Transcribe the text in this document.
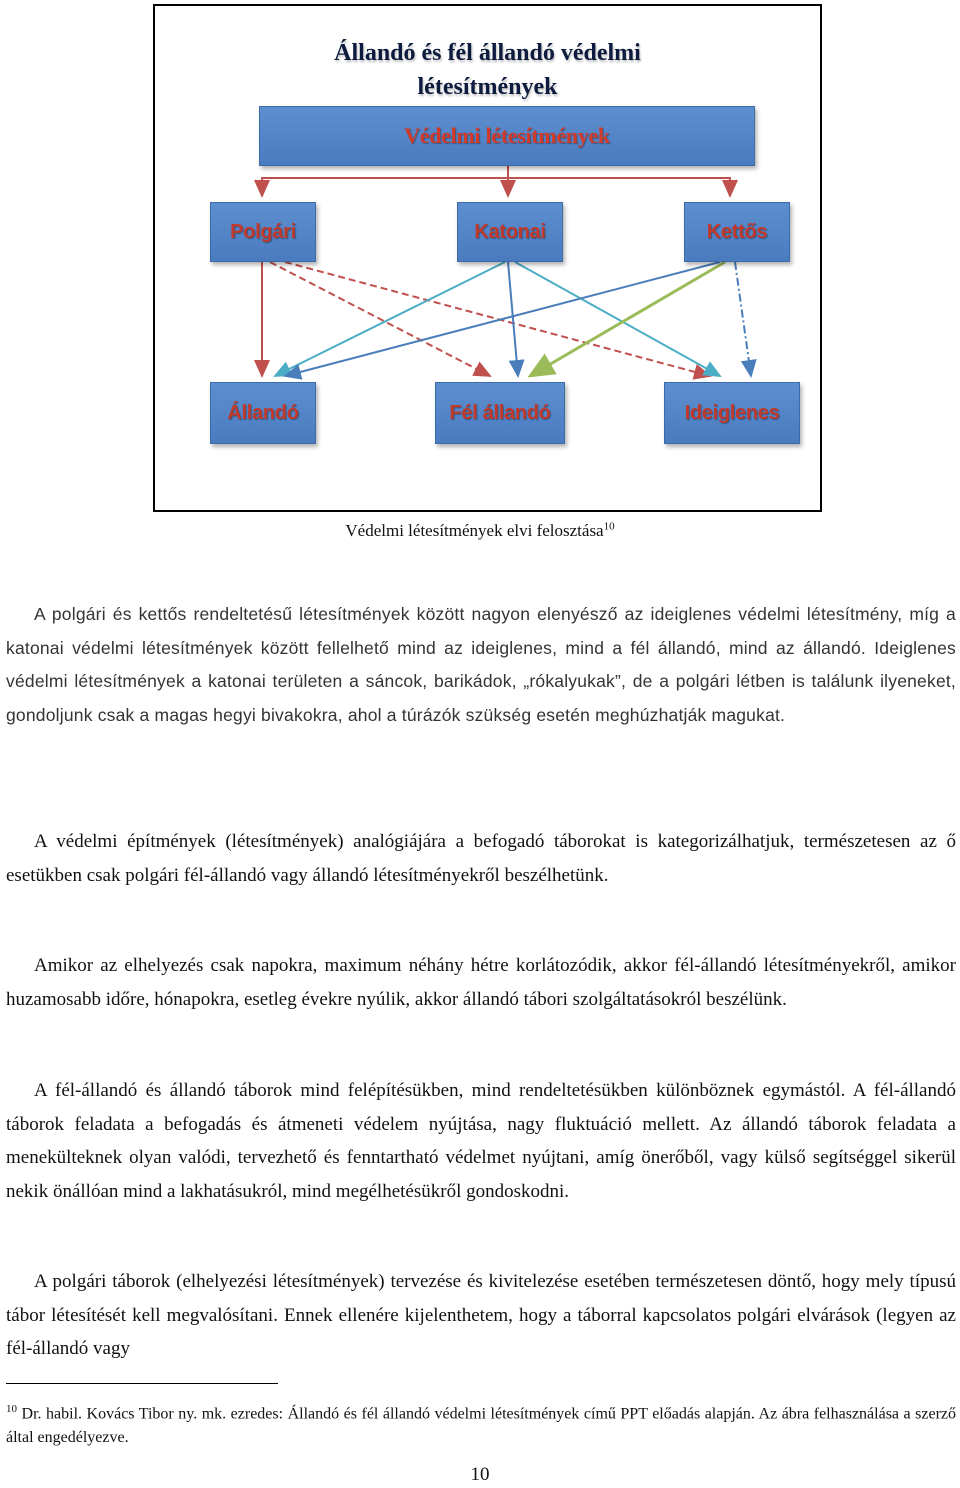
Állandó és fél állandó védelmi
létesítmények
Védelmi létesítmények
Polgári	Katonai	Kettős
Állandó	Fél állandó	Ideiglenes
Védelmi létesítmények elvi felosztása$^{10}$

A polgári és kettős rendeltetésű létesítmények között nagyon elenyésző az ideiglenes védelmi létesítmény, míg a katonai védelmi létesítmények között fellelhető mind az ideiglenes, mind a fél állandó, mind az állandó. Ideiglenes védelmi létesítmények a katonai területen a sáncok, barikádok, „rókalyukak”, de a polgári létben is találunk ilyeneket, gondoljunk csak a magas hegyi bivakokra, ahol a túrázók szükség esetén meghúzhatják magukat.

A védelmi építmények (létesítmények) analógiájára a befogadó táborokat is kategorizálhatjuk, természetesen az ő esetükben csak polgári fél-állandó vagy állandó létesítményekről beszélhetünk.

Amikor az elhelyezés csak napokra, maximum néhány hétre korlátozódik, akkor fél-állandó létesítményekről, amikor huzamosabb időre, hónapokra, esetleg évekre nyúlik, akkor állandó tábori szolgáltatásokról beszélünk.

A fél-állandó és állandó táborok mind felépítésükben, mind rendeltetésükben különböznek egymástól. A fél-állandó táborok feladata a befogadás és átmeneti védelem nyújtása, nagy fluktuáció mellett. Az állandó táborok feladata a menekülteknek olyan valódi, tervezhető és fenntartható védelmet nyújtani, amíg önerőből, vagy külső segítséggel sikerül nekik önállóan mind a lakhatásukról, mind megélhetésükről gondoskodni.

A polgári táborok (elhelyezési létesítmények) tervezése és kivitelezése esetében természetesen döntő, hogy mely típusú tábor létesítését kell megvalósítani. Ennek ellenére kijelenthetem, hogy a táborral kapcsolatos polgári elvárások (legyen az fél-állandó vagy

$^{10}$ Dr. habil. Kovács Tibor ny. mk. ezredes: Állandó és fél állandó védelmi létesítmények című PPT előadás alapján. Az ábra felhasználása a szerző által engedélyezve.

10
